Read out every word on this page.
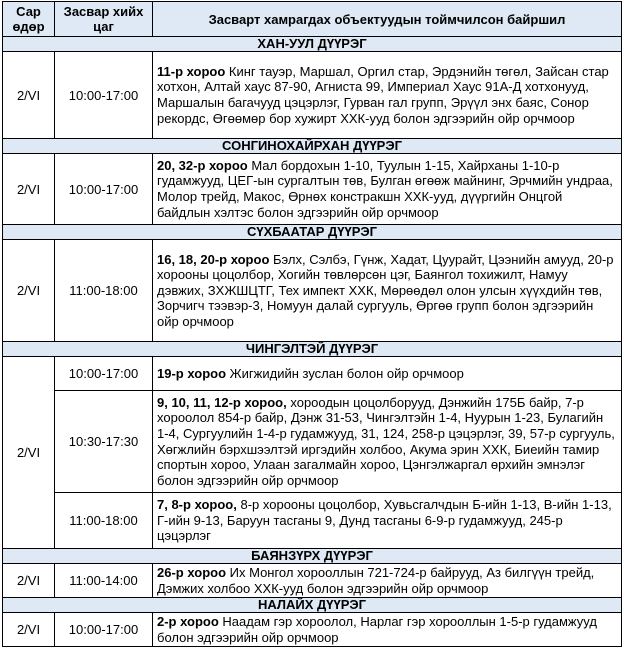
Сар өдөр	Засвар хийх цаг	Засварт хамрагдах объектуудын тоймчилсон байршил
ХАН-УУЛ ДҮҮРЭГ		
2/VI	10:00-17:00	11-р хороо Кинг тауэр, Маршал, Оргил стар, Эрдэнийн төгөл, Зайсан стар хотхон, Алтай хаус 87-90, Агниста 99, Империал Хаус 91А-Д хотхонууд, Маршалын багачууд цэцэрлэг, Гурван гал групп, Эрүүл энх баяс, Сонор рекордс, Өгөөмөр бор хужирт ХХК-ууд болон эдгээрийн ойр орчмоор
СОНГИНОХАЙРХАН ДҮҮРЭГ		
2/VI	10:00-17:00	20, 32-р хороо Мал бордохын 1-10, Туулын 1-15, Хайрханы 1-10-р гудамжууд, ЦЕГ-ын сургалтын төв, Булган өгөөж майнинг, Эрчмийн ундраа, Молор трейд, Макос, Өрнөх констракшн ХХК-ууд, дүүргийн Онцгой байдлын хэлтэс болон эдгээрийн ойр орчмоор
СҮХБААТАР ДҮҮРЭГ		
2/VI	11:00-18:00	16, 18, 20-р хороо Бэлх, Сэлбэ, Гүнж, Хадат, Цуурайт, Цээнийн амууд, 20-р хорооны цоцолбор, Хогийн төвлөрсөн цэг, Баянгол тохижилт, Намуу дэвжих, ЗХЖШЦТГ, Тех импект ХХК, Мөрөөдөл олон улсын хүүхдийн төв, Зорчигч тээвэр-3, Номуун далай сургууль, Өргөө групп болон эдгээрийн ойр орчмоор
ЧИНГЭЛТЭЙ ДҮҮРЭГ		
2/VI	10:00-17:00	19-р хороо Жигжидийн зуслан болон ойр орчмоор
	10:30-17:30	9, 10, 11, 12-р хороо, хороодын цоцолборууд, Дэнжийн 175Б байр, 7-р хороолол 854-р байр, Дэнж 31-53, Чингэлтэйн 1-4, Нуурын 1-23, Булагийн 1-4, Сургуулийн 1-4-р гудамжууд, 31, 124, 258-р цэцэрлэг, 39, 57-р сургууль, Хөгжлийн бэрхшээлтэй иргэдийн холбоо, Акума эрин ХХК, Биеийн тамир спортын хороо, Улаан загалмайн хороо, Цэнгэлжаргал өрхийн эмнэлэг болон эдгээрийн ойр орчмоор
	11:00-18:00	7, 8-р хороо, 8-р хорооны цоцолбор, Хувьсгалчдын Б-ийн 1-13, В-ийн 1-13, Г-ийн 9-13, Баруун тасганы 9, Дунд тасганы 6-9-р гудамжууд, 245-р цэцэрлэг
БАЯНЗҮРХ ДҮҮРЭГ		
2/VI	11:00-14:00	26-р хороо Их Монгол хорооллын 721-724-р байрууд, Аз билгүүн трейд, Дэмжих холбоо ХХК-ууд болон эдгээрийн ойр орчмоор
НАЛАЙХ ДҮҮРЭГ		
2/VI	10:00-17:00	2-р хороо Наадам гэр хороолол, Нарлаг гэр хорооллын 1-5-р гудамжууд болон эдгээрийн ойр орчмоор
